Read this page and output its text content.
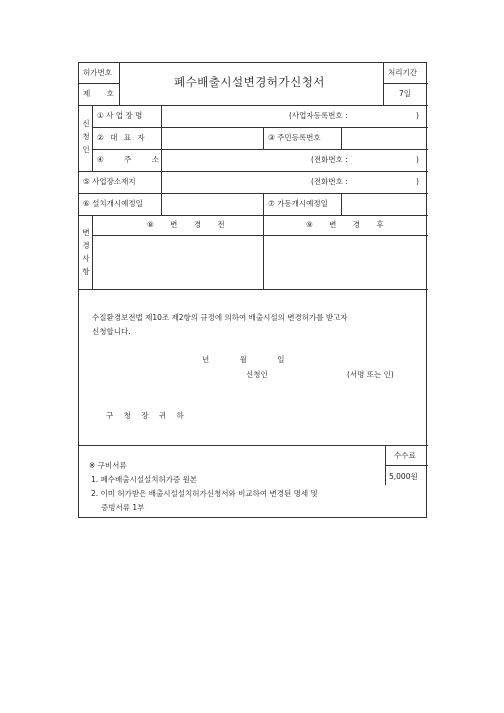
허가번호
제 호
폐수배출시설변경허가신청서
처리기간
7일
신
청
인
① 사 업 장 명	(사업자등록번호 :	)
② 대 표 자	③ 주민등록번호
④ 주 소	(전화번호 :	)
⑤ 사업장소재지	(전화번호 :	)
⑥ 설치개시예정일	⑦ 가동개시예정일
변
경
사
항
⑧ 변 경 전	⑨ 변 경 후
수질환경보전법 제10조 제2항의 규정에 의하여 배출시설의 변경허가를 받고자
신청합니다.
년 월 일
신청인	(서명 또는 인)
구 청 장 귀 하
※ 구비서류
1. 폐수배출시설설치허가증 원본
2. 이미 허가받은 배출시설설치허가신청서와 비교하여 변경된 명세 및
증빙서류 1부
수수료
5,000원
